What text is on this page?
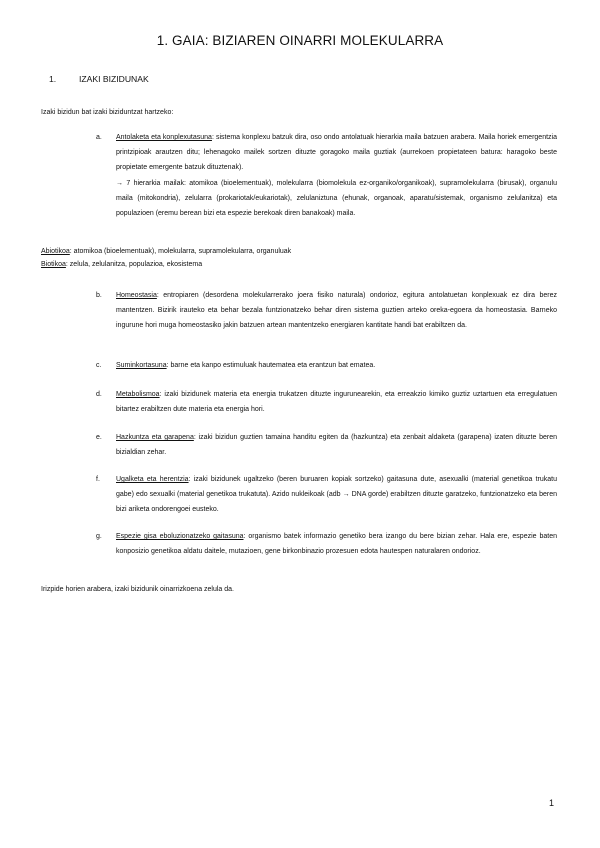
1. GAIA: BIZIAREN OINARRI MOLEKULARRA
1.	IZAKI BIZIDUNAK
Izaki bizidun bat izaki biziduntzat hartzeko:
a. Antolaketa eta konplexutasuna: sistema konplexu batzuk dira, oso ondo antolatuak hierarkia maila batzuen arabera. Maila horiek emergentzia printzipioak arautzen ditu; lehenagoko mailek sortzen dituzte goragoko maila guztiak (aurrekoen propietateen batura: haragoko beste propietate emergente batzuk dituztenak).

→ 7 hierarkia mailak: atomikoa (bioelementuak), molekularra (biomolekula ez-organiko/organikoak), supramolekularra (birusak), organulu maila (mitokondria), zelularra (prokariotak/eukariotak), zelulaniztuna (ehunak, organoak, aparatu/sistemak, organismo zelulanitza) eta populazioen (eremu berean bizi eta espezie berekoak diren banakoak) maila.

Abiotikoa: atomikoa (bioelementuak), molekularra, supramolekularra, organuluak
Biotikoa: zelula, zelulanitza, populazioa, ekosistema
b. Homeostasia: entropiaren (desordena molekularrerako joera fisiko naturala) ondorioz, egitura antolatuetan konplexuak ez dira berez mantentzen. Bizirik irauteko eta behar bezala funtzionatzeko behar diren sistema guztien arteko oreka-egoera da homeostasia. Barneko ingurune hori muga homeostasiko jakin batzuen artean mantentzeko energiaren kantitate handi bat erabiltzen da.

c. Suminkortasuna: barne eta kanpo estimuluak hautematea eta erantzun bat ematea.

d. Metabolismoa: izaki bizidunek materia eta energia trukatzen dituzte ingurunearekin, eta erreakzio kimiko guztiz uztartuen eta erregulatuen bitartez erabiltzen dute materia eta energia hori.

e. Hazkuntza eta garapena: izaki bizidun guztien tamaina handitu egiten da (hazkuntza) eta zenbait aldaketa (garapena) izaten dituzte beren bizialdian zehar.

f. Ugalketa eta herentzia: izaki bizidunek ugaltzeko (beren buruaren kopiak sortzeko) gaitasuna dute, asexualki (material genetikoa trukatu gabe) edo sexualki (material genetikoa trukatuta). Azido nukleikoak (adb → DNA gorde) erabiltzen dituzte garatzeko, funtzionatzeko eta beren bizi ariketa ondorengoei eusteko.

g. Espezie gisa eboluzionatzeko gaitasuna: organismo batek informazio genetiko bera izango du bere bizian zehar. Hala ere, espezie baten konposizio genetikoa aldatu daitele, mutazioen, gene birkonbinazio prozesuen edota hautespen naturalaren ondorioz.

Irizpide horien arabera, izaki bizidunik oinarrizkoena zelula da.
1
